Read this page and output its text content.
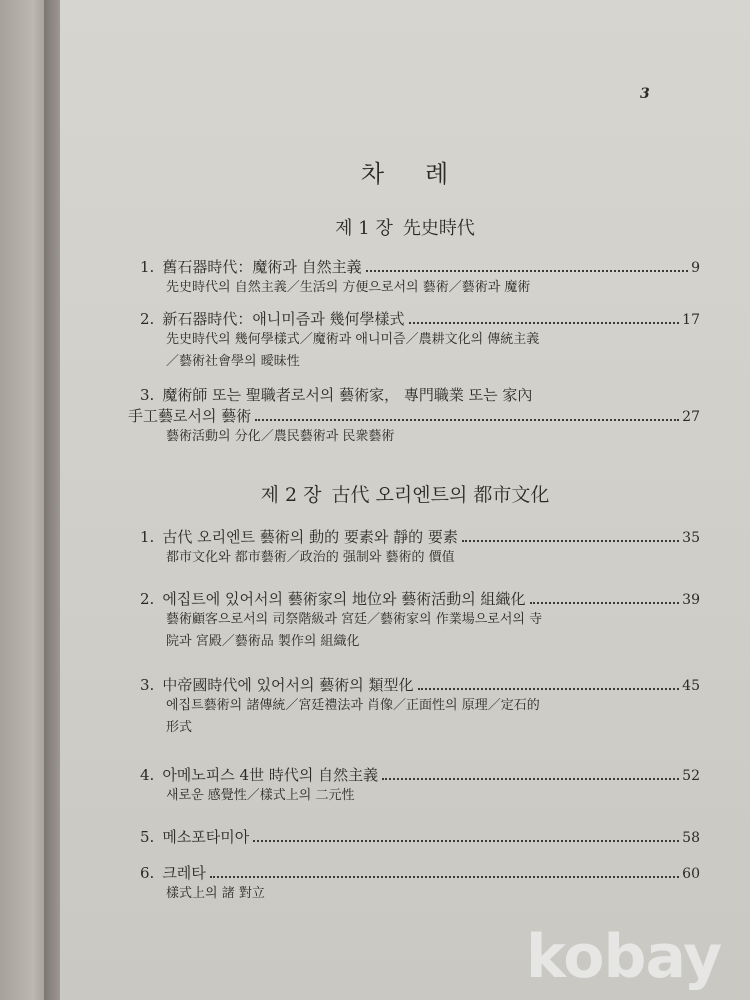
3
차 례
제 1 장 先史時代
1. 舊石器時代：魔術과 自然主義	9
先史時代의 自然主義／生活의 方便으로서의 藝術／藝術과 魔術
2. 新石器時代：애니미즘과 幾何學樣式	17
先史時代의 幾何學樣式／魔術과 애니미즘／農耕文化의 傳統主義
／藝術社會學의 曖昧性
3. 魔術師 또는 聖職者로서의 藝術家， 專門職業 또는 家內
手工藝로서의 藝術	27
藝術活動의 分化／農民藝術과 民衆藝術
제 2 장 古代 오리엔트의 都市文化
1. 古代 오리엔트 藝術의 動的 要素와 靜的 要素	35
都市文化와 都市藝術／政治的 强制와 藝術的 價值
2. 에집트에 있어서의 藝術家의 地位와 藝術活動의 組織化	39
藝術顧客으로서의 司祭階級과 宮廷／藝術家의 作業場으로서의 寺
院과 宮殿／藝術品 製作의 組織化
3. 中帝國時代에 있어서의 藝術의 類型化	45
에집트藝術의 諸傳統／宮廷禮法과 肖像／正面性의 原理／定石的
形式
4. 아메노피스 4世 時代의 自然主義	52
새로운 感覺性／樣式上의 二元性
5. 메소포타미아	58
6. 크레타	60
樣式上의 諸 對立
kobay
